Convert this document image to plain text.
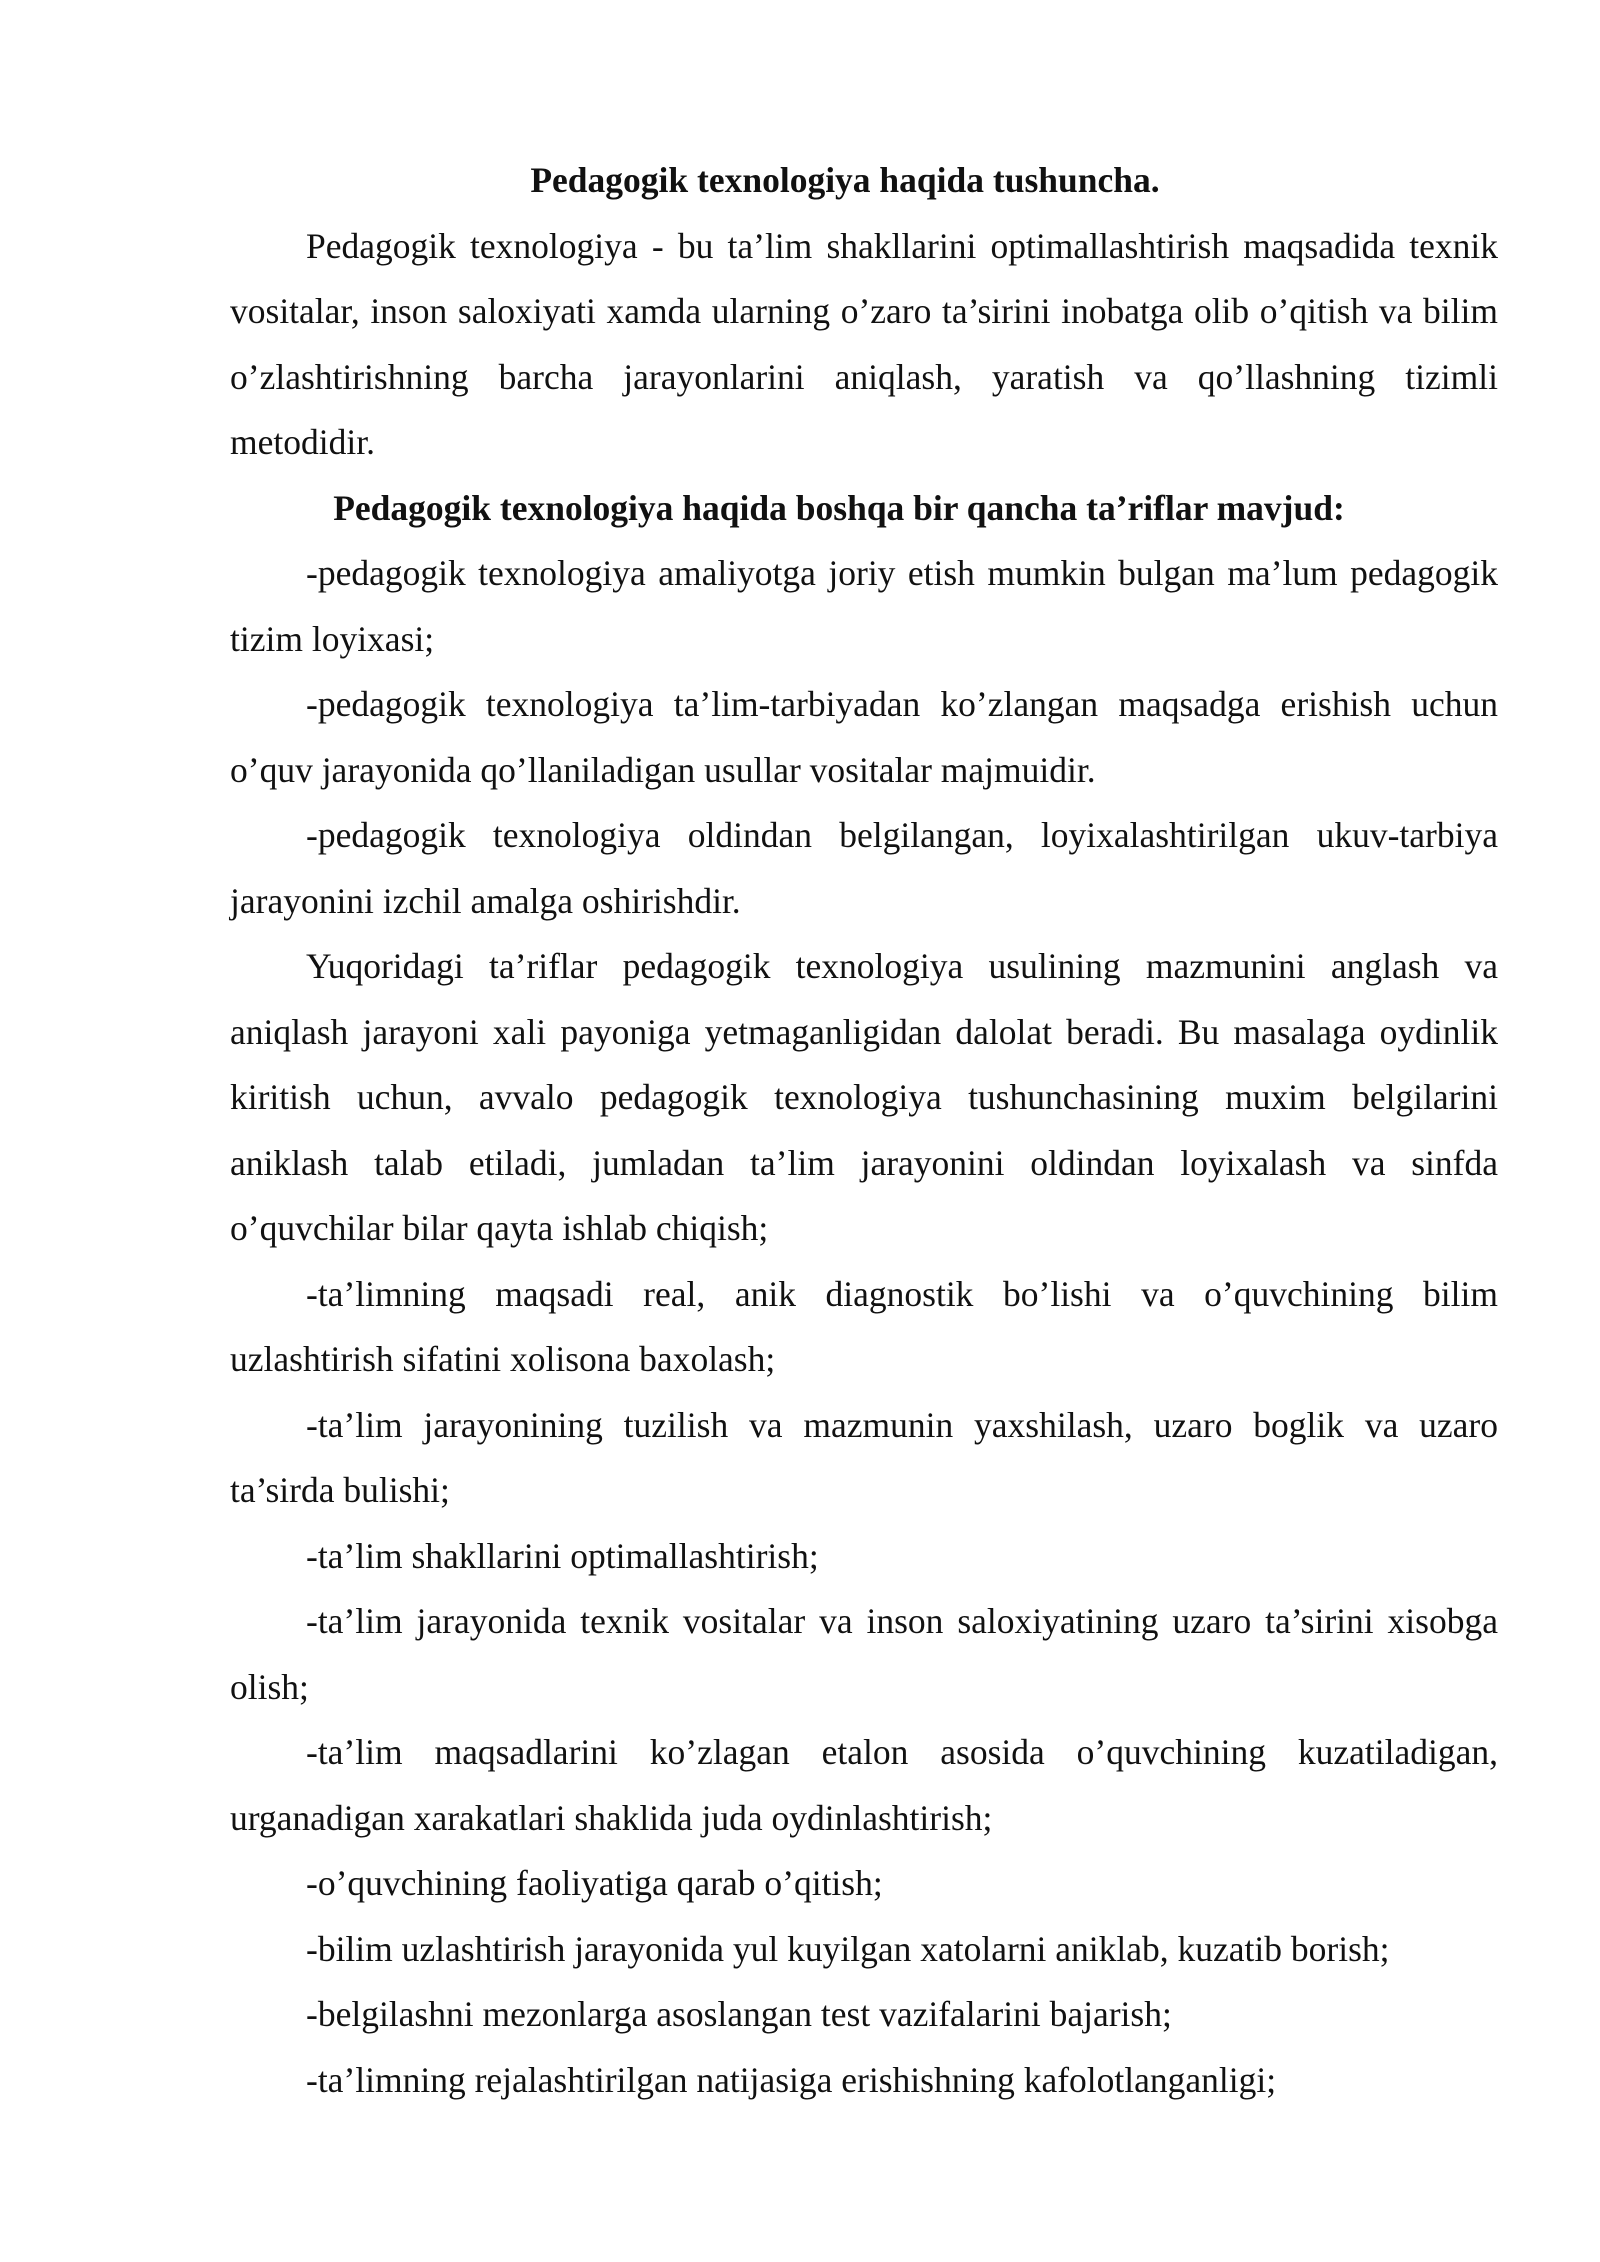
Pedagogik texnologiya haqida tushuncha.

Pedagogik texnologiya - bu ta’lim shakllarini optimallashtirish maqsadida texnik vositalar, inson saloxiyati xamda ularning o’zaro ta’sirini inobatga olib o’qitish va bilim o’zlashtirishning barcha jarayonlarini aniqlash, yaratish va qo’llashning tizimli metodidir.

Pedagogik texnologiya haqida boshqa bir qancha ta’riflar mavjud:

-pedagogik texnologiya amaliyotga joriy etish mumkin bulgan ma’lum pedagogik tizim loyixasi;

-pedagogik texnologiya ta’lim-tarbiyadan ko’zlangan maqsadga erishish uchun o’quv jarayonida qo’llaniladigan usullar vositalar majmuidir.

-pedagogik texnologiya oldindan belgilangan, loyixalashtirilgan ukuv-tarbiya jarayonini izchil amalga oshirishdir.

Yuqoridagi ta’riflar pedagogik texnologiya usulining mazmunini anglash va aniqlash jarayoni xali payoniga yetmaganligidan dalolat beradi. Bu masalaga oydinlik kiritish uchun, avvalo pedagogik texnologiya tushunchasining muxim belgilarini aniklash talab etiladi, jumladan ta’lim jarayonini oldindan loyixalash va sinfda o’quvchilar bilar qayta ishlab chiqish;

-ta’limning maqsadi real, anik diagnostik bo’lishi va o’quvchining bilim uzlashtirish sifatini xolisona baxolash;

-ta’lim jarayonining tuzilish va mazmunin yaxshilash, uzaro boglik va uzaro ta’sirda bulishi;

-ta’lim shakllarini optimallashtirish;

-ta’lim jarayonida texnik vositalar va inson saloxiyatining uzaro ta’sirini xisobga olish;

-ta’lim maqsadlarini ko’zlagan etalon asosida o’quvchining kuzatiladigan, urganadigan xarakatlari shaklida juda oydinlashtirish;

-o’quvchining faoliyatiga qarab o’qitish;

-bilim uzlashtirish jarayonida yul kuyilgan xatolarni aniklab, kuzatib borish;

-belgilashni mezonlarga asoslangan test vazifalarini bajarish;

-ta’limning rejalashtirilgan natijasiga erishishning kafolotlanganligi;
